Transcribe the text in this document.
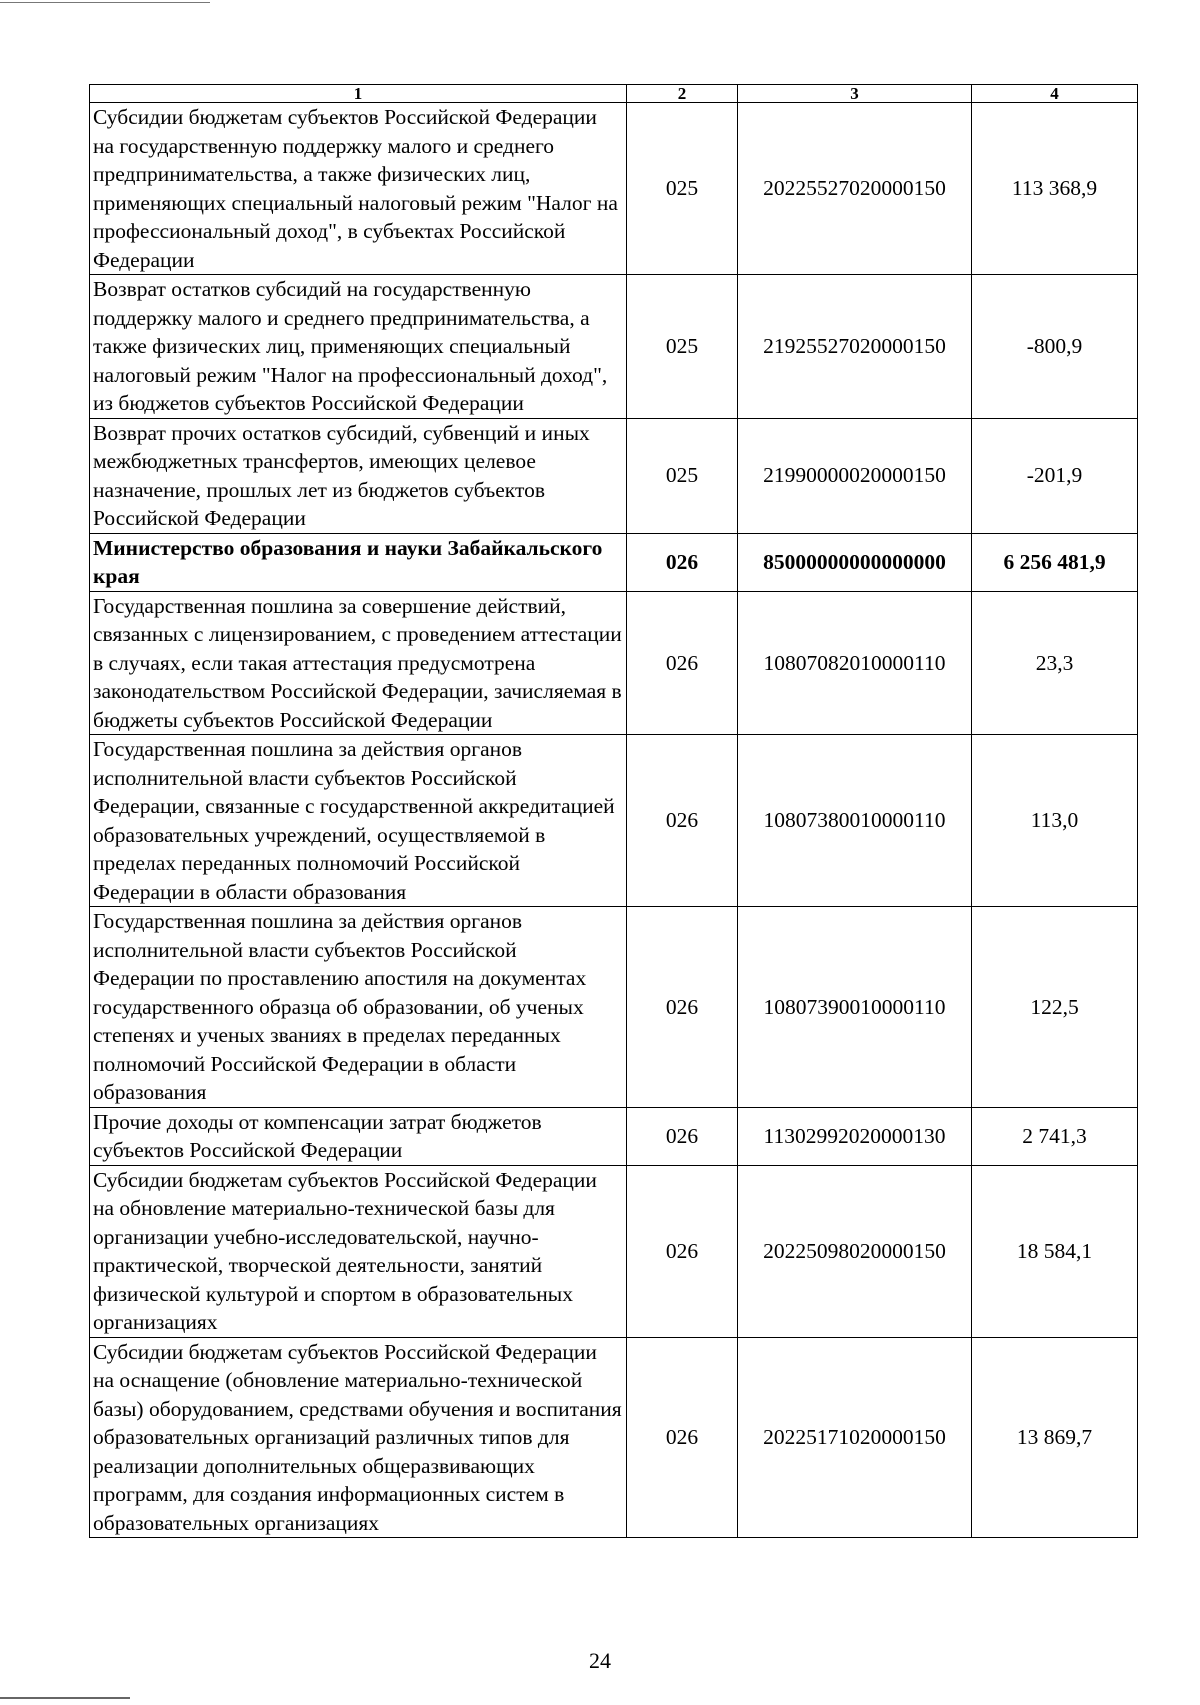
1	2	3	4
Субсидии бюджетам субъектов Российской Федерации на государственную поддержку малого и среднего предпринимательства, а также физических лиц, применяющих специальный налоговый режим "Налог на профессиональный доход", в субъектах Российской Федерации	025	20225527020000150	113 368,9
Возврат остатков субсидий на государственную поддержку малого и среднего предпринимательства, а также физических лиц, применяющих специальный налоговый режим "Налог на профессиональный доход", из бюджетов субъектов Российской Федерации	025	21925527020000150	-800,9
Возврат прочих остатков субсидий, субвенций и иных межбюджетных трансфертов, имеющих целевое назначение, прошлых лет из бюджетов субъектов Российской Федерации	025	21990000020000150	-201,9
Министерство образования и науки Забайкальского края	026	85000000000000000	6 256 481,9
Государственная пошлина за совершение действий, связанных с лицензированием, с проведением аттестации в случаях, если такая аттестация предусмотрена законодательством Российской Федерации, зачисляемая в бюджеты субъектов Российской Федерации	026	10807082010000110	23,3
Государственная пошлина за действия органов исполнительной власти субъектов Российской Федерации, связанные с государственной аккредитацией образовательных учреждений, осуществляемой в пределах переданных полномочий Российской Федерации в области образования	026	10807380010000110	113,0
Государственная пошлина за действия органов исполнительной власти субъектов Российской Федерации по проставлению апостиля на документах государственного образца об образовании, об ученых степенях и ученых званиях в пределах переданных полномочий Российской Федерации в области образования	026	10807390010000110	122,5
Прочие доходы от компенсации затрат бюджетов субъектов Российской Федерации	026	11302992020000130	2 741,3
Субсидии бюджетам субъектов Российской Федерации на обновление материально-технической базы для организации учебно-исследовательской, научно-практической, творческой деятельности, занятий физической культурой и спортом в образовательных организациях	026	20225098020000150	18 584,1
Субсидии бюджетам субъектов Российской Федерации на оснащение (обновление материально-технической базы) оборудованием, средствами обучения и воспитания образовательных организаций различных типов для реализации дополнительных общеразвивающих программ, для создания информационных систем в образовательных организациях	026	20225171020000150	13 869,7
24
